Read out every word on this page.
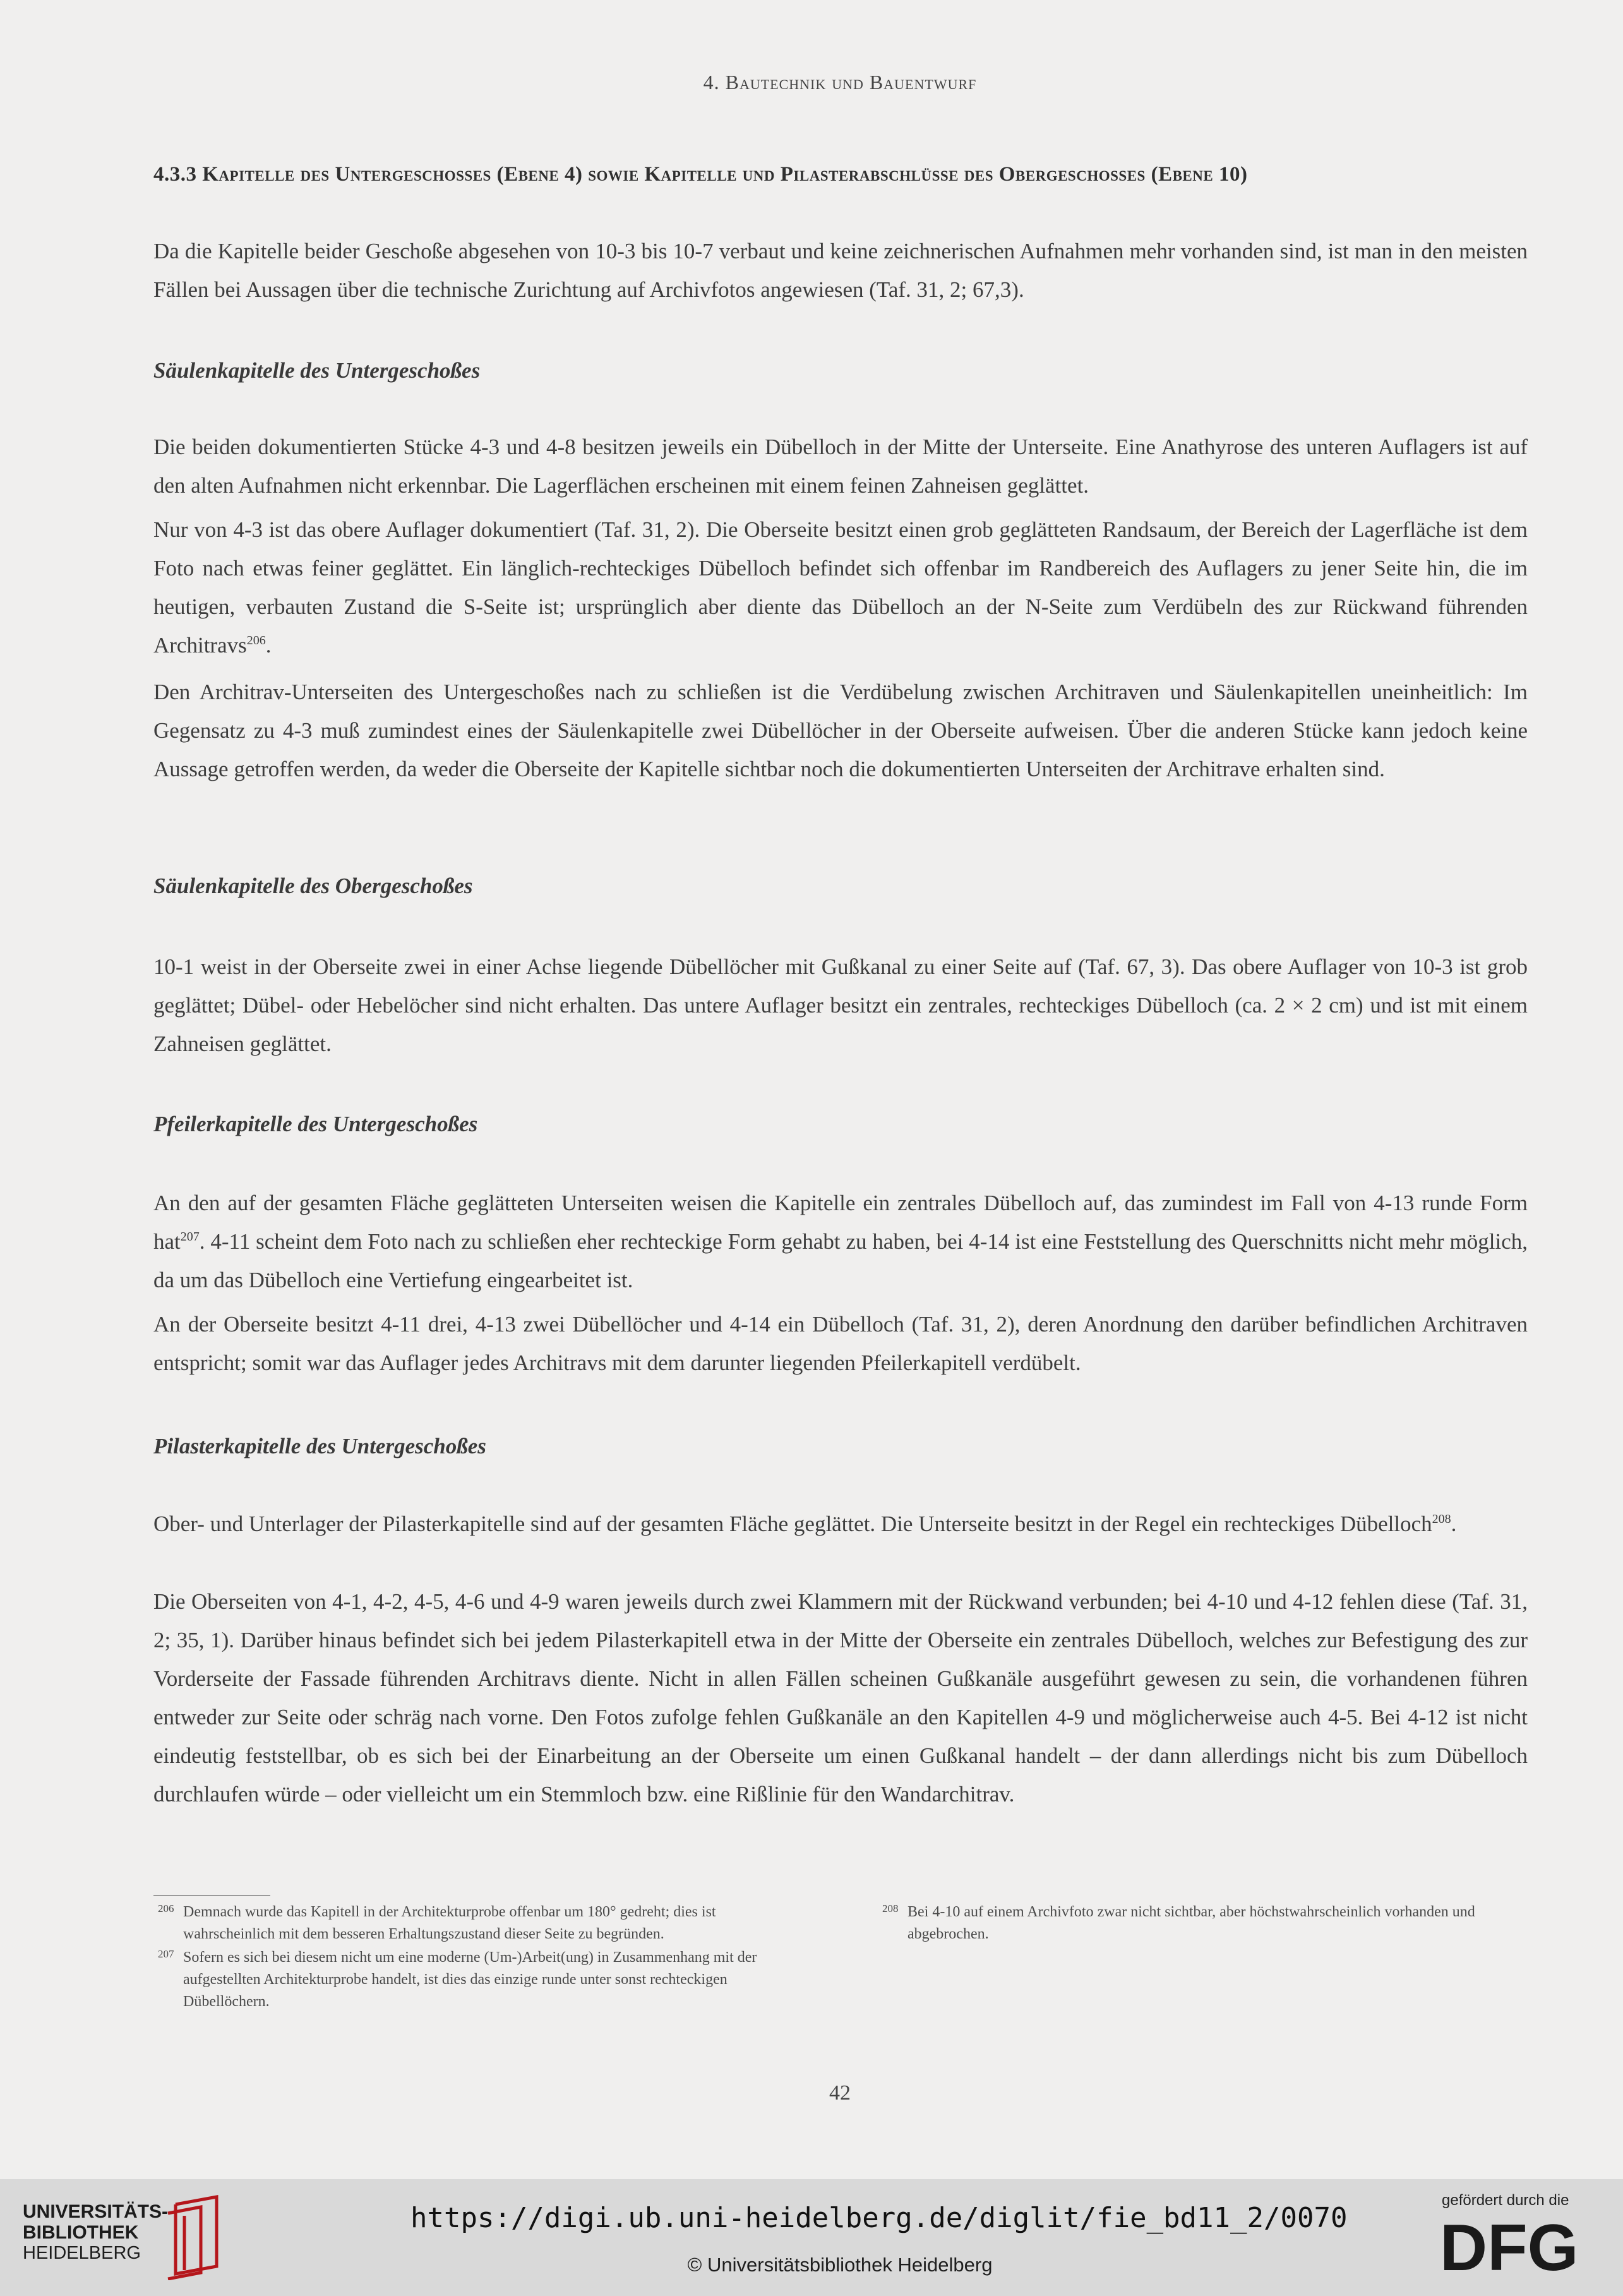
4. Bautechnik und Bauentwurf
4.3.3 Kapitelle des Untergeschosses (Ebene 4) sowie Kapitelle und Pilasterabschlüsse des Obergeschosses (Ebene 10)
Da die Kapitelle beider Geschoße abgesehen von 10-3 bis 10-7 verbaut und keine zeichnerischen Aufnahmen mehr vorhanden sind, ist man in den meisten Fällen bei Aussagen über die technische Zurichtung auf Archivfotos angewiesen (Taf. 31, 2; 67,3).
Säulenkapitelle des Untergeschoßes
Die beiden dokumentierten Stücke 4-3 und 4-8 besitzen jeweils ein Dübelloch in der Mitte der Unterseite. Eine Anathyrose des unteren Auflagers ist auf den alten Aufnahmen nicht erkennbar. Die Lagerflächen erscheinen mit einem feinen Zahneisen geglättet.
Nur von 4-3 ist das obere Auflager dokumentiert (Taf. 31, 2). Die Oberseite besitzt einen grob geglätteten Randsaum, der Bereich der Lagerfläche ist dem Foto nach etwas feiner geglättet. Ein länglich-rechteckiges Dübelloch befindet sich offenbar im Randbereich des Auflagers zu jener Seite hin, die im heutigen, verbauten Zustand die S-Seite ist; ursprünglich aber diente das Dübelloch an der N-Seite zum Verdübeln des zur Rückwand führenden Architravs$^{206}$.
Den Architrav-Unterseiten des Untergeschoßes nach zu schließen ist die Verdübelung zwischen Architraven und Säulenkapitellen uneinheitlich: Im Gegensatz zu 4-3 muß zumindest eines der Säulenkapitelle zwei Dübellöcher in der Oberseite aufweisen. Über die anderen Stücke kann jedoch keine Aussage getroffen werden, da weder die Oberseite der Kapitelle sichtbar noch die dokumentierten Unterseiten der Architrave erhalten sind.
Säulenkapitelle des Obergeschoßes
10-1 weist in der Oberseite zwei in einer Achse liegende Dübellöcher mit Gußkanal zu einer Seite auf (Taf. 67, 3). Das obere Auflager von 10-3 ist grob geglättet; Dübel- oder Hebelöcher sind nicht erhalten. Das untere Auflager besitzt ein zentrales, rechteckiges Dübelloch (ca. 2 × 2 cm) und ist mit einem Zahneisen geglättet.
Pfeilerkapitelle des Untergeschoßes
An den auf der gesamten Fläche geglätteten Unterseiten weisen die Kapitelle ein zentrales Dübelloch auf, das zumindest im Fall von 4-13 runde Form hat$^{207}$. 4-11 scheint dem Foto nach zu schließen eher rechteckige Form gehabt zu haben, bei 4-14 ist eine Feststellung des Querschnitts nicht mehr möglich, da um das Dübelloch eine Vertiefung eingearbeitet ist.
An der Oberseite besitzt 4-11 drei, 4-13 zwei Dübellöcher und 4-14 ein Dübelloch (Taf. 31, 2), deren Anordnung den darüber befindlichen Architraven entspricht; somit war das Auflager jedes Architravs mit dem darunter liegenden Pfeilerkapitell verdübelt.
Pilasterkapitelle des Untergeschoßes
Ober- und Unterlager der Pilasterkapitelle sind auf der gesamten Fläche geglättet. Die Unterseite besitzt in der Regel ein rechteckiges Dübelloch$^{208}$.
Die Oberseiten von 4-1, 4-2, 4-5, 4-6 und 4-9 waren jeweils durch zwei Klammern mit der Rückwand verbunden; bei 4-10 und 4-12 fehlen diese (Taf. 31, 2; 35, 1). Darüber hinaus befindet sich bei jedem Pilasterkapitell etwa in der Mitte der Oberseite ein zentrales Dübelloch, welches zur Befestigung des zur Vorderseite der Fassade führenden Architravs diente. Nicht in allen Fällen scheinen Gußkanäle ausgeführt gewesen zu sein, die vorhandenen führen entweder zur Seite oder schräg nach vorne. Den Fotos zufolge fehlen Gußkanäle an den Kapitellen 4-9 und möglicherweise auch 4-5. Bei 4-12 ist nicht eindeutig feststellbar, ob es sich bei der Einarbeitung an der Oberseite um einen Gußkanal handelt – der dann allerdings nicht bis zum Dübelloch durchlaufen würde – oder vielleicht um ein Stemmloch bzw. eine Rißlinie für den Wandarchitrav.
206 Demnach wurde das Kapitell in der Architekturprobe offenbar um 180° gedreht; dies ist wahrscheinlich mit dem besseren Erhaltungszustand dieser Seite zu begründen.
207 Sofern es sich bei diesem nicht um eine moderne (Um-)Arbeit(ung) in Zusammenhang mit der aufgestellten Architekturprobe handelt, ist dies das einzige runde unter sonst rechteckigen Dübellöchern.
208 Bei 4-10 auf einem Archivfoto zwar nicht sichtbar, aber höchstwahrscheinlich vorhanden und abgebrochen.
42
UNIVERSITÄTS-
BIBLIOTHEK
HEIDELBERG
https://digi.ub.uni-heidelberg.de/diglit/fie_bd11_2/0070
© Universitätsbibliothek Heidelberg
gefördert durch die
DFG
